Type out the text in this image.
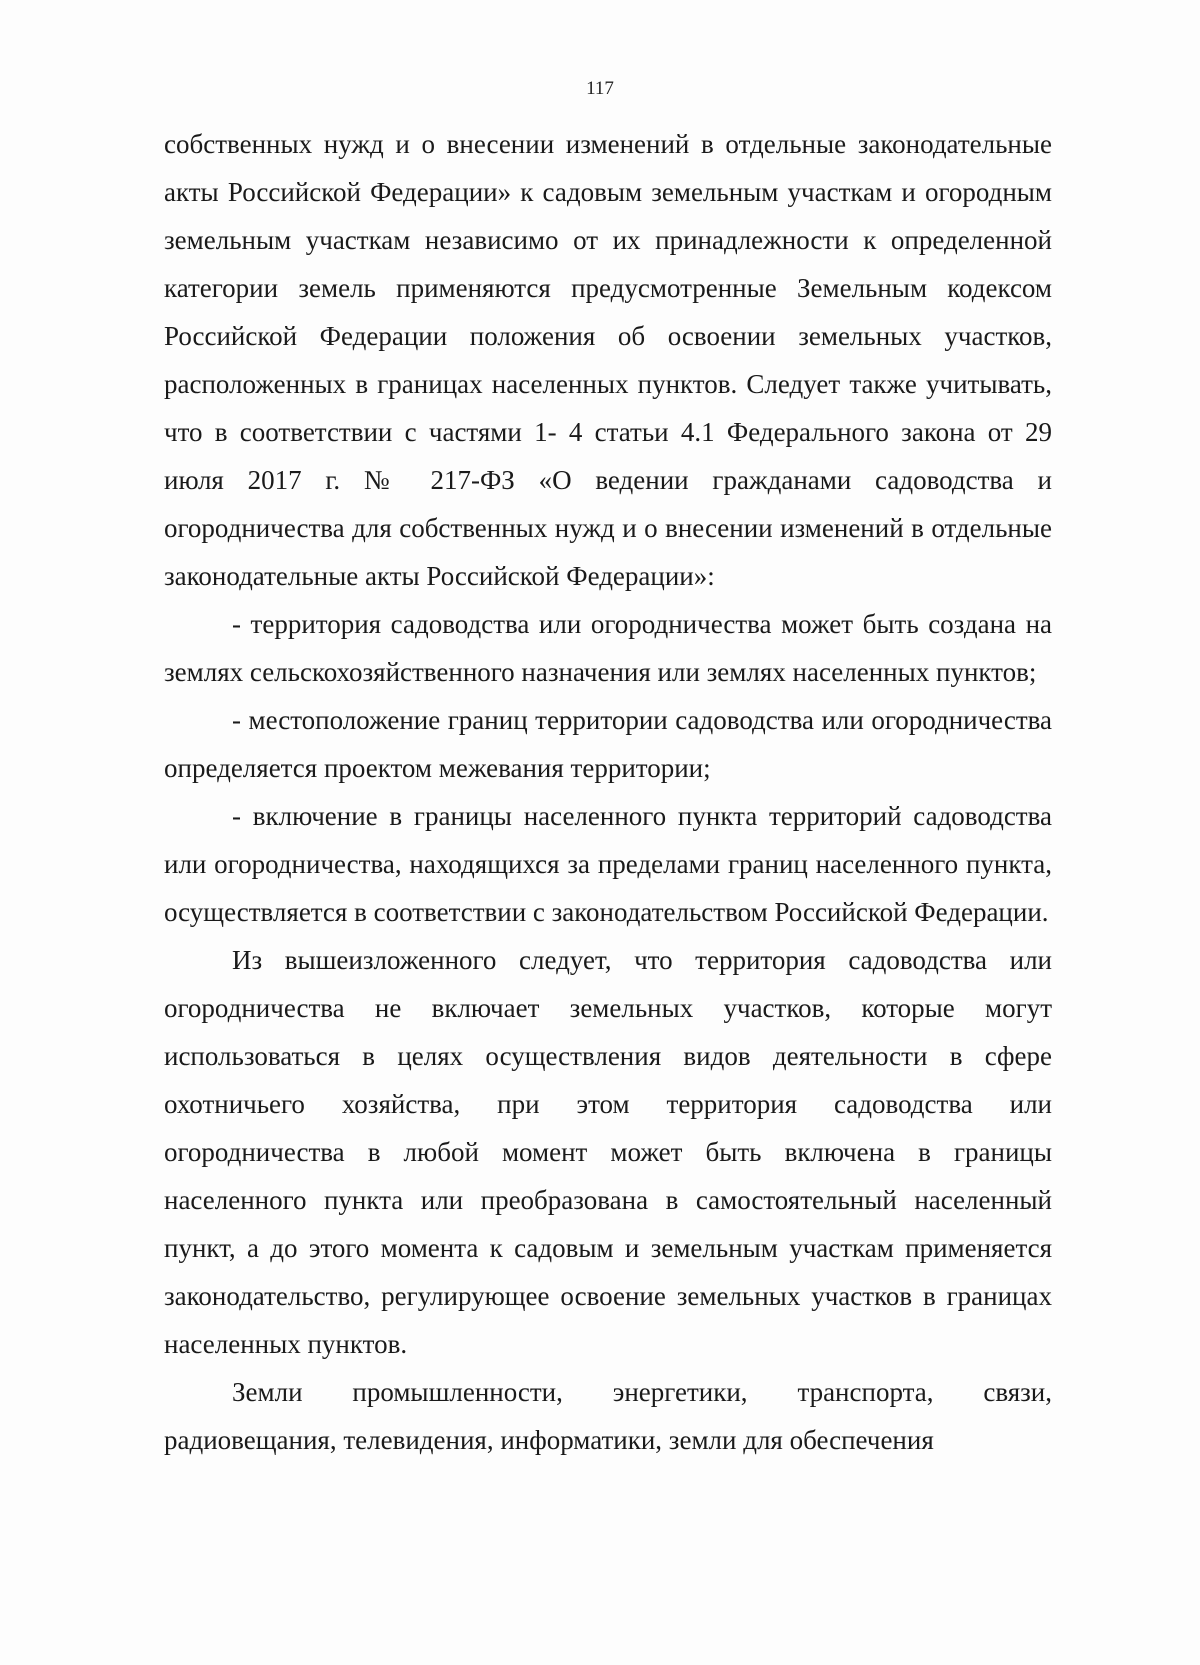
117

собственных нужд и о внесении изменений в отдельные законодательные акты Российской Федерации» к садовым земельным участкам и огородным земельным участкам независимо от их принадлежности к определенной категории земель применяются предусмотренные Земельным кодексом Российской Федерации положения об освоении земельных участков, расположенных в границах населенных пунктов. Следует также учитывать, что в соответствии с частями 1- 4 статьи 4.1 Федерального закона от 29 июля 2017 г. № 217-ФЗ «О ведении гражданами садоводства и огородничества для собственных нужд и о внесении изменений в отдельные законодательные акты Российской Федерации»:

- территория садоводства или огородничества может быть создана на землях сельскохозяйственного назначения или землях населенных пунктов;

- местоположение границ территории садоводства или огородничества определяется проектом межевания территории;

- включение в границы населенного пункта территорий садоводства или огородничества, находящихся за пределами границ населенного пункта, осуществляется в соответствии с законодательством Российской Федерации.

Из вышеизложенного следует, что территория садоводства или огородничества не включает земельных участков, которые могут использоваться в целях осуществления видов деятельности в сфере охотничьего хозяйства, при этом территория садоводства или огородничества в любой момент может быть включена в границы населенного пункта или преобразована в самостоятельный населенный пункт, а до этого момента к садовым и земельным участкам применяется законодательство, регулирующее освоение земельных участков в границах населенных пунктов.

Земли промышленности, энергетики, транспорта, связи, радиовещания, телевидения, информатики, земли для обеспечения
